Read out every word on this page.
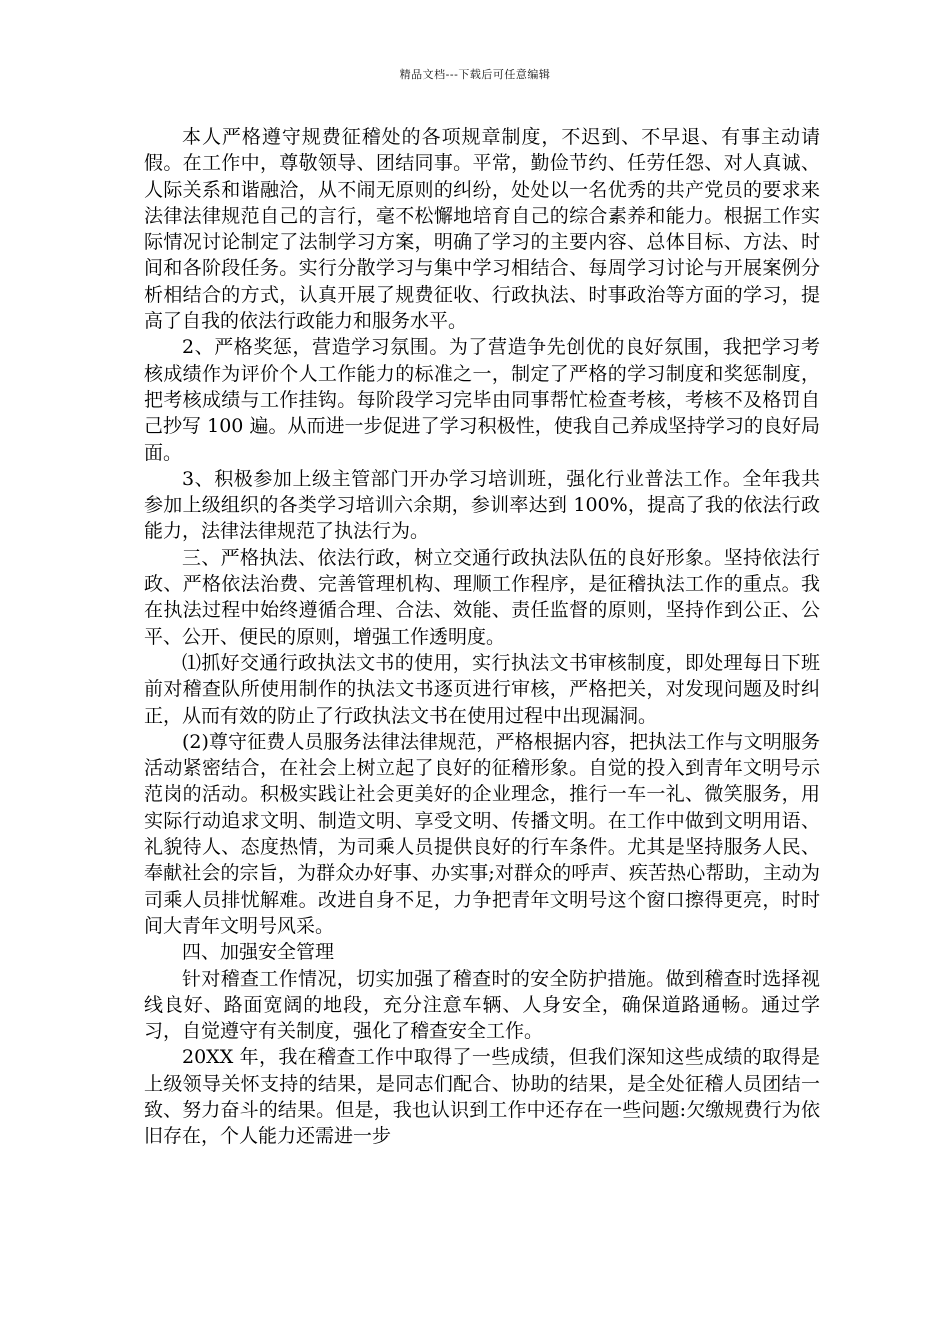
精品文档---下载后可任意编辑

本人严格遵守规费征稽处的各项规章制度，不迟到、不早退、有事主动请假。在工作中，尊敬领导、团结同事。平常，勤俭节约、任劳任怨、对人真诚、人际关系和谐融洽，从不闹无原则的纠纷，处处以一名优秀的共产党员的要求来法律法律规范自己的言行，毫不松懈地培育自己的综合素养和能力。根据工作实际情况讨论制定了法制学习方案，明确了学习的主要内容、总体目标、方法、时间和各阶段任务。实行分散学习与集中学习相结合、每周学习讨论与开展案例分析相结合的方式，认真开展了规费征收、行政执法、时事政治等方面的学习，提高了自我的依法行政能力和服务水平。

2、严格奖惩，营造学习氛围。为了营造争先创优的良好氛围，我把学习考核成绩作为评价个人工作能力的标准之一，制定了严格的学习制度和奖惩制度，把考核成绩与工作挂钩。每阶段学习完毕由同事帮忙检查考核，考核不及格罚自己抄写 100 遍。从而进一步促进了学习积极性，使我自己养成坚持学习的良好局面。

3、积极参加上级主管部门开办学习培训班，强化行业普法工作。全年我共参加上级组织的各类学习培训六余期，参训率达到 100%，提高了我的依法行政能力，法律法律规范了执法行为。

三、严格执法、依法行政，树立交通行政执法队伍的良好形象。坚持依法行政、严格依法治费、完善管理机构、理顺工作程序，是征稽执法工作的重点。我在执法过程中始终遵循合理、合法、效能、责任监督的原则，坚持作到公正、公平、公开、便民的原则，增强工作透明度。

⑴抓好交通行政执法文书的使用，实行执法文书审核制度，即处理每日下班前对稽查队所使用制作的执法文书逐页进行审核，严格把关，对发现问题及时纠正，从而有效的防止了行政执法文书在使用过程中出现漏洞。

(2)尊守征费人员服务法律法律规范，严格根据内容，把执法工作与文明服务活动紧密结合，在社会上树立起了良好的征稽形象。自觉的投入到青年文明号示范岗的活动。积极实践让社会更美好的企业理念，推行一车一礼、微笑服务，用实际行动追求文明、制造文明、享受文明、传播文明。在工作中做到文明用语、礼貌待人、态度热情，为司乘人员提供良好的行车条件。尤其是坚持服务人民、奉献社会的宗旨，为群众办好事、办实事;对群众的呼声、疾苦热心帮助，主动为司乘人员排忧解难。改进自身不足，力争把青年文明号这个窗口擦得更亮，时时间大青年文明号风采。

四、加强安全管理

针对稽查工作情况，切实加强了稽查时的安全防护措施。做到稽查时选择视线良好、路面宽阔的地段，充分注意车辆、人身安全，确保道路通畅。通过学习，自觉遵守有关制度，强化了稽查安全工作。

20XX 年，我在稽查工作中取得了一些成绩，但我们深知这些成绩的取得是上级领导关怀支持的结果，是同志们配合、协助的结果，是全处征稽人员团结一致、努力奋斗的结果。但是，我也认识到工作中还存在一些问题:欠缴规费行为依旧存在，个人能力还需进一步
